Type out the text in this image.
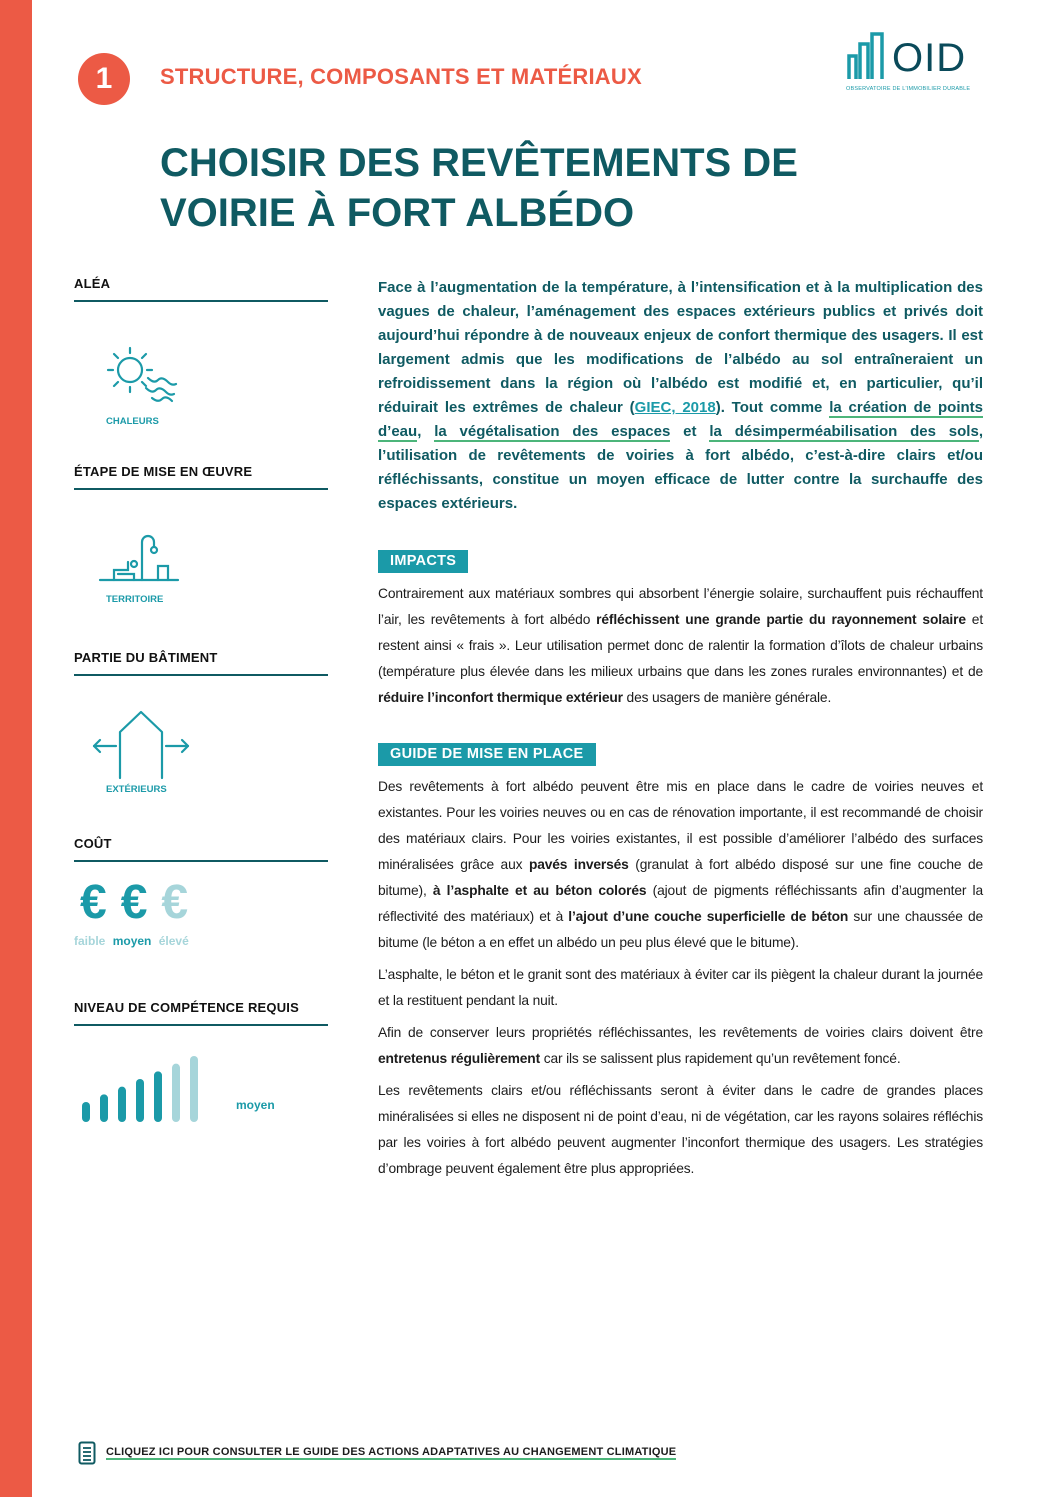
1	STRUCTURE, COMPOSANTS ET MATÉRIAUX	OID
OBSERVATOIRE DE L'IMMOBILIER DURABLE
CHOISIR DES REVÊTEMENTS DE
VOIRIE À FORT ALBÉDO
ALÉA
CHALEURS
ÉTAPE DE MISE EN ŒUVRE
TERRITOIRE
PARTIE DU BÂTIMENT
EXTÉRIEURS
COÛT
€ € €
faible moyen élevé
NIVEAU DE COMPÉTENCE REQUIS
moyen

Face à l’augmentation de la température, à l’intensification et à la multiplication des vagues de chaleur, l’aménagement des espaces extérieurs publics et privés doit aujourd’hui répondre à de nouveaux enjeux de confort thermique des usagers. Il est largement admis que les modifications de l’albédo au sol entraîneraient un refroidissement dans la région où l’albédo est modifié et, en particulier, qu’il réduirait les extrêmes de chaleur (GIEC, 2018). Tout comme la création de points d’eau, la végétalisation des espaces et la désimperméabilisation des sols, l’utilisation de revêtements de voiries à fort albédo, c’est-à-dire clairs et/ou réfléchissants, constitue un moyen efficace de lutter contre la surchauffe des espaces extérieurs.

IMPACTS

Contrairement aux matériaux sombres qui absorbent l’énergie solaire, surchauffent puis réchauffent l’air, les revêtements à fort albédo réfléchissent une grande partie du rayonnement solaire et restent ainsi « frais ». Leur utilisation permet donc de ralentir la formation d’îlots de chaleur urbains (température plus élevée dans les milieux urbains que dans les zones rurales environnantes) et de réduire l’inconfort thermique extérieur des usagers de manière générale.

GUIDE DE MISE EN PLACE

Des revêtements à fort albédo peuvent être mis en place dans le cadre de voiries neuves et existantes. Pour les voiries neuves ou en cas de rénovation importante, il est recommandé de choisir des matériaux clairs. Pour les voiries existantes, il est possible d’améliorer l’albédo des surfaces minéralisées grâce aux pavés inversés (granulat à fort albédo disposé sur une fine couche de bitume), à l’asphalte et au béton colorés (ajout de pigments réfléchissants afin d’augmenter la réflectivité des matériaux) et à l’ajout d’une couche superficielle de béton sur une chaussée de bitume (le béton a en effet un albédo un peu plus élevé que le bitume).

L’asphalte, le béton et le granit sont des matériaux à éviter car ils piègent la chaleur durant la journée et la restituent pendant la nuit.

Afin de conserver leurs propriétés réfléchissantes, les revêtements de voiries clairs doivent être entretenus régulièrement car ils se salissent plus rapidement qu’un revêtement foncé.

Les revêtements clairs et/ou réfléchissants seront à éviter dans le cadre de grandes places minéralisées si elles ne disposent ni de point d’eau, ni de végétation, car les rayons solaires réfléchis par les voiries à fort albédo peuvent augmenter l’inconfort thermique des usagers. Les stratégies d’ombrage peuvent également être plus appropriées.

CLIQUEZ ICI POUR CONSULTER LE GUIDE DES ACTIONS ADAPTATIVES AU CHANGEMENT CLIMATIQUE
